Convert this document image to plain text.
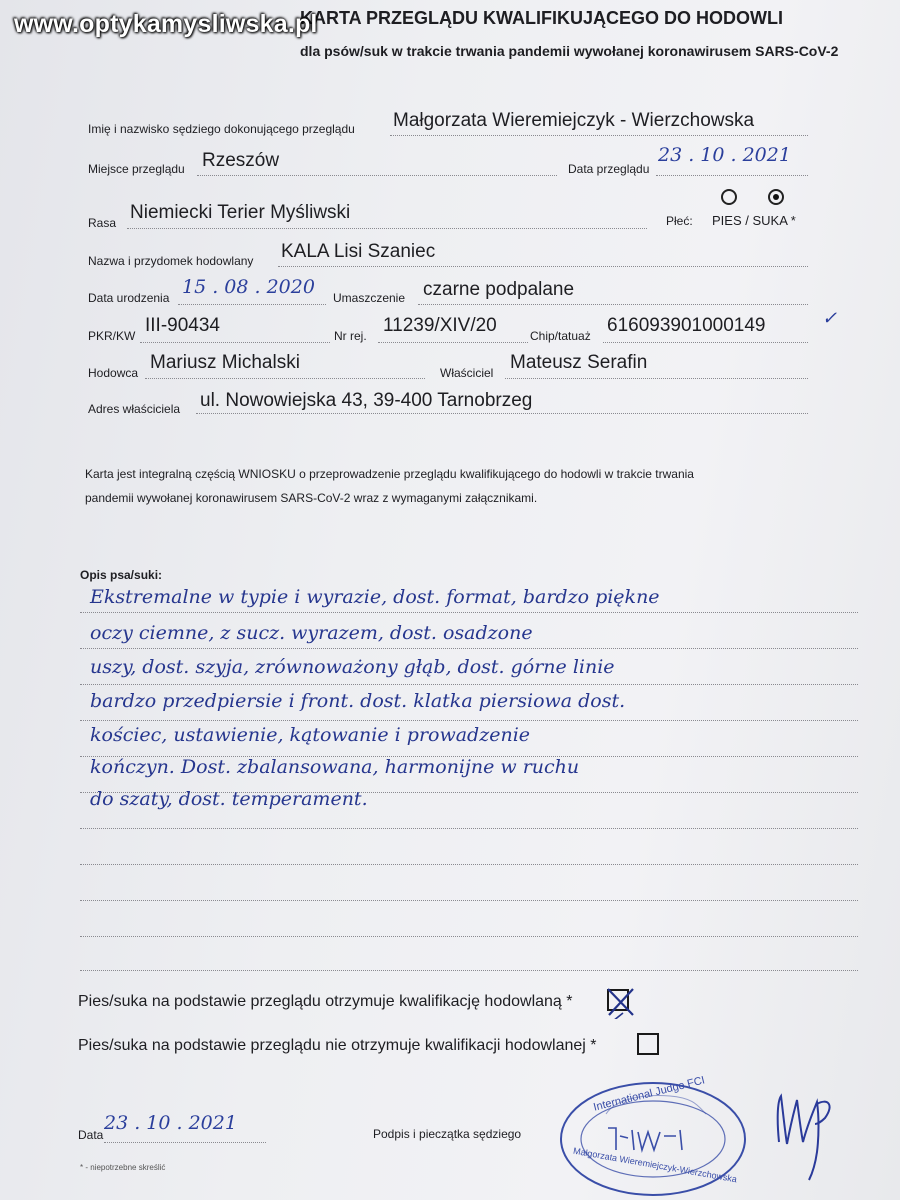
www.optykamysliwska.pl
KARTA PRZEGLĄDU KWALIFIKUJĄCEGO DO HODOWLI
dla psów/suk w trakcie trwania pandemii wywołanej koronawirusem SARS-CoV-2
Imię i nazwisko sędziego dokonującego przeglądu Małgorzata Wieremiejczyk - Wierzchowska
Miejsce przeglądu Rzeszów	Data przeglądu
23 . 10 . 2021
Rasa Niemiecki Terier Myśliwski	Płeć: PIES / SUKA *
Nazwa i przydomek hodowlany KALA Lisi Szaniec
Data urodzenia 15 . 08 . 2020 Umaszczenie czarne podpalane
PKR/KW III-90434	Nr rej. 11239/XIV/20	Chip/tatuaż 616093901000149	✓
Hodowca Mariusz Michalski	Właściciel Mateusz Serafin
Adres właściciela ul. Nowowiejska 43, 39-400 Tarnobrzeg
Karta jest integralną częścią WNIOSKU o przeprowadzenie przeglądu kwalifikującego do hodowli w trakcie trwania
pandemii wywołanej koronawirusem SARS-CoV-2 wraz z wymaganymi załącznikami.
Opis psa/suki:
Ekstremalne w typie i wyrazie, dost. format, bardzo piękne
oczy ciemne, z sucz. wyrazem, dost. osadzone
uszy, dost. szyja, zrównoważony głąb, dost. górne linie
bardzo przedpiersie i front. dost. klatka piersiowa dost.
kościec, ustawienie, kątowanie i prowadzenie
kończyn. Dost. zbalansowana, harmonijne w ruchu
do szaty, dost. temperament.
Pies/suka na podstawie przeglądu otrzymuje kwalifikację hodowlaną *
Pies/suka na podstawie przeglądu nie otrzymuje kwalifikacji hodowlanej *
Data
23 . 10 . 2021	Podpis i pieczątka sędziego
International Judge FCI
Małgorzata Wieremiejczyk-Wierzchowska
* - niepotrzebne skreślić
